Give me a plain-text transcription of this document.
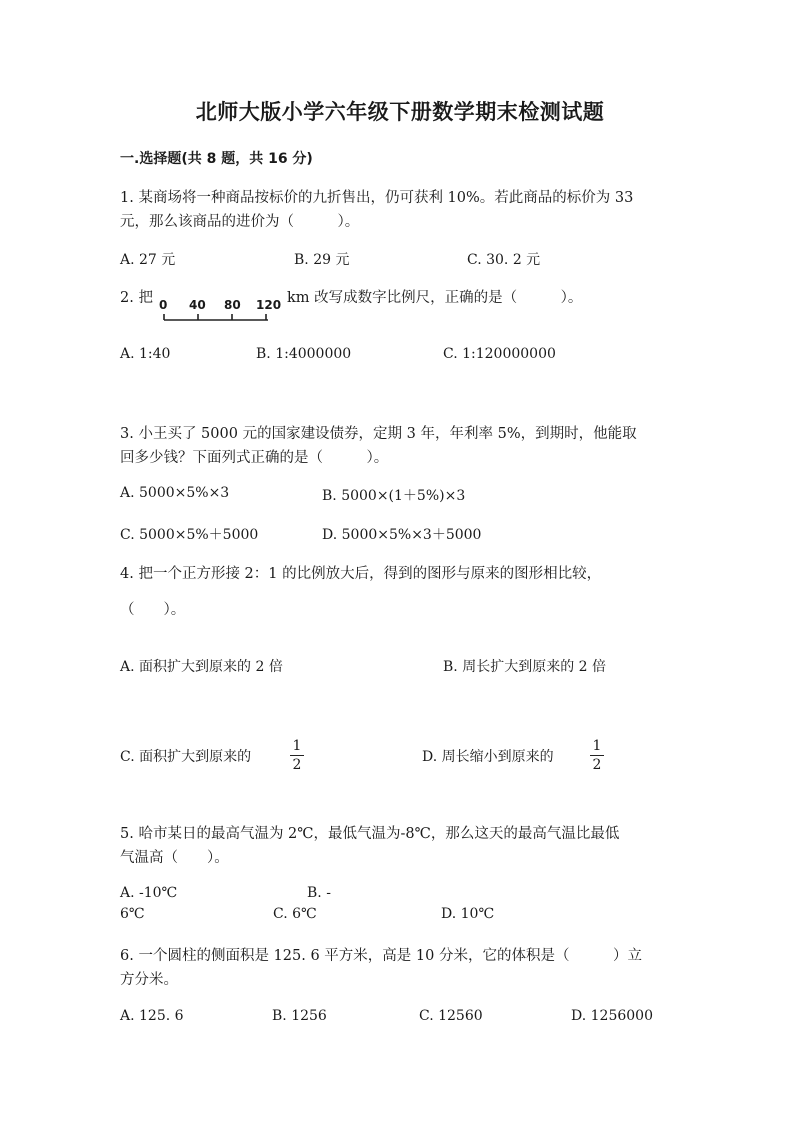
北师大版小学六年级下册数学期末检测试题
一.选择题(共 8 题，共 16 分)
1. 某商场将一种商品按标价的九折售出，仍可获利 10%。若此商品的标价为 33
元，那么该商品的进价为（　　　）。
A. 27 元	B. 29 元	C. 30. 2 元
2. 把 0 40 80 120 km 改写成数字比例尺，正确的是（　　　）。
A. 1:40	B. 1:4000000	C. 1:120000000
3. 小王买了 5000 元的国家建设债券，定期 3 年，年利率 5%，到期时，他能取
回多少钱？下面列式正确的是（　　　）。
A. 5000×5%×3	B. 5000×(1＋5%)×3
C. 5000×5%＋5000	D. 5000×5%×3＋5000
4. 把一个正方形接 2：1 的比例放大后，得到的图形与原来的图形相比较，
（　　）。
A. 面积扩大到原来的 2 倍	B. 周长扩大到原来的 2 倍
C. 面积扩大到原来的
1
2	D. 周长缩小到原来的
1
2
5. 哈市某日的最高气温为 2℃，最低气温为-8℃，那么这天的最高气温比最低
气温高（　　）。
A. -10℃	B. -
6℃	C. 6℃	D. 10℃
6. 一个圆柱的侧面积是 125. 6 平方米，高是 10 分米，它的体积是（　　　）立
方分米。
A. 125. 6	B. 1256	C. 12560	D. 1256000
